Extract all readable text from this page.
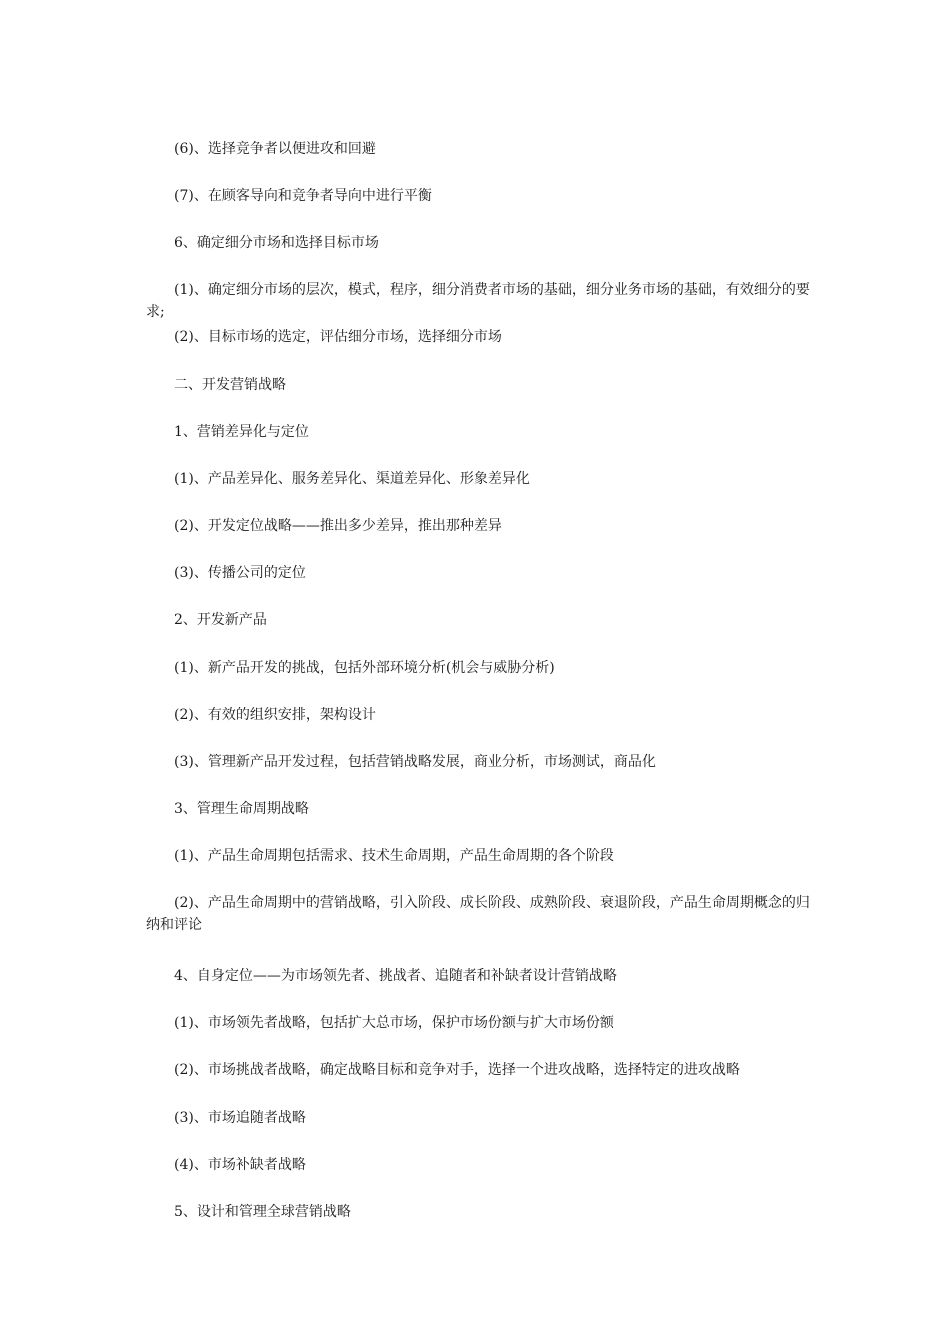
(6)、选择竞争者以便进攻和回避

(7)、在顾客导向和竞争者导向中进行平衡

6、确定细分市场和选择目标市场

(1)、确定细分市场的层次，模式，程序，细分消费者市场的基础，细分业务市场的基础，有效细分的要求;

(2)、目标市场的选定，评估细分市场，选择细分市场

二、开发营销战略

1、营销差异化与定位

(1)、产品差异化、服务差异化、渠道差异化、形象差异化

(2)、开发定位战略——推出多少差异，推出那种差异

(3)、传播公司的定位

2、开发新产品

(1)、新产品开发的挑战，包括外部环境分析(机会与威胁分析)

(2)、有效的组织安排，架构设计

(3)、管理新产品开发过程，包括营销战略发展，商业分析，市场测试，商品化

3、管理生命周期战略

(1)、产品生命周期包括需求、技术生命周期，产品生命周期的各个阶段

(2)、产品生命周期中的营销战略，引入阶段、成长阶段、成熟阶段、衰退阶段，产品生命周期概念的归纳和评论

4、自身定位——为市场领先者、挑战者、追随者和补缺者设计营销战略

(1)、市场领先者战略，包括扩大总市场，保护市场份额与扩大市场份额

(2)、市场挑战者战略，确定战略目标和竞争对手，选择一个进攻战略，选择特定的进攻战略

(3)、市场追随者战略

(4)、市场补缺者战略

5、设计和管理全球营销战略
